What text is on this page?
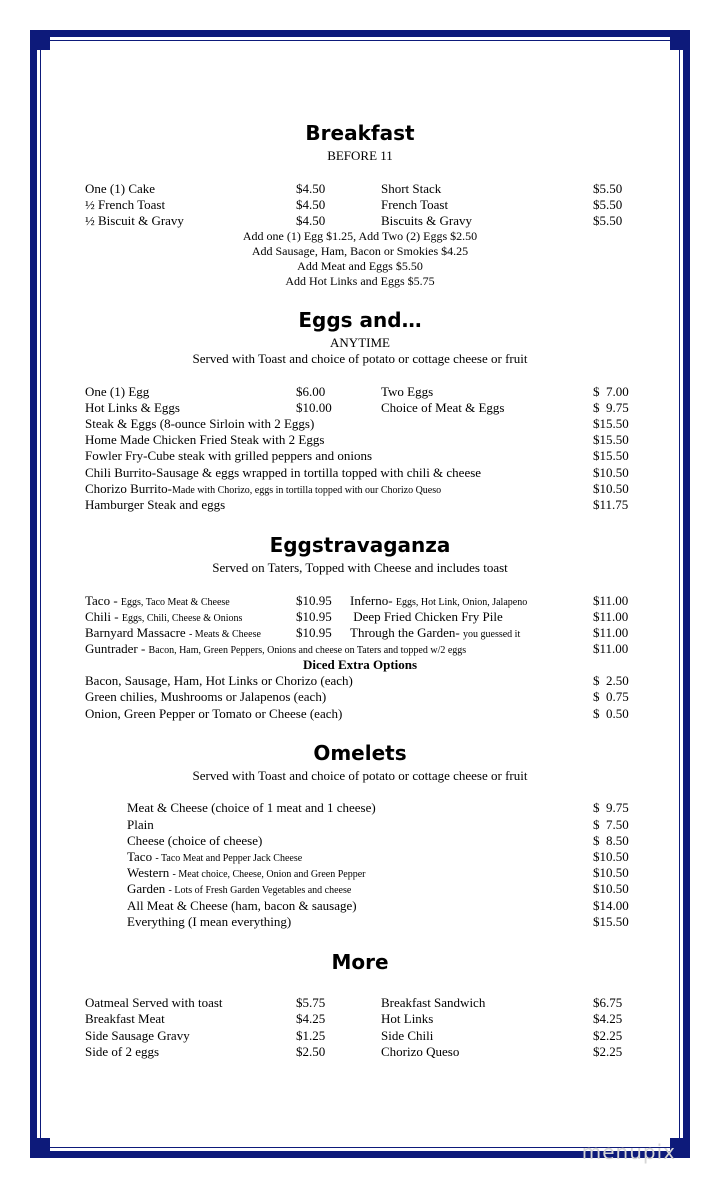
Breakfast
BEFORE 11
One (1) Cake	$4.50	Short Stack	$5.50
½ French Toast	$4.50	French Toast	$5.50
½ Biscuit & Gravy	$4.50	Biscuits & Gravy	$5.50
Add one (1) Egg $1.25, Add Two (2) Eggs $2.50
Add Sausage, Ham, Bacon or Smokies $4.25
Add Meat and Eggs $5.50
Add Hot Links and Eggs $5.75
Eggs and…
ANYTIME
Served with Toast and choice of potato or cottage cheese or fruit
One (1) Egg	$6.00	Two Eggs	$  7.00
Hot Links & Eggs	$10.00	Choice of Meat & Eggs	$  9.75
Steak & Eggs (8-ounce Sirloin with 2 Eggs)	$15.50
Home Made Chicken Fried Steak with 2 Eggs	$15.50
Fowler Fry-Cube steak with grilled peppers and onions	$15.50
Chili Burrito-Sausage & eggs wrapped in tortilla topped with chili & cheese	$10.50
Chorizo Burrito-Made with Chorizo, eggs in tortilla topped with our Chorizo Queso	$10.50
Hamburger Steak and eggs	$11.75
Eggstravaganza
Served on Taters, Topped with Cheese and includes toast
Taco - Eggs, Taco Meat & Cheese	$10.95 Inferno- Eggs, Hot Link, Onion, Jalapeno	$11.00
Chili - Eggs, Chili, Cheese & Onions	$10.95 Deep Fried Chicken Fry Pile	$11.00
Barnyard Massacre - Meats & Cheese	$10.95 Through the Garden- you guessed it	$11.00
Guntrader - Bacon, Ham, Green Peppers, Onions and cheese on Taters and topped w/2 eggs	$11.00
Diced Extra Options
Bacon, Sausage, Ham, Hot Links or Chorizo (each)	$  2.50
Green chilies, Mushrooms or Jalapenos (each)	$  0.75
Onion, Green Pepper or Tomato or Cheese (each)	$  0.50
Omelets
Served with Toast and choice of potato or cottage cheese or fruit
Meat & Cheese (choice of 1 meat and 1 cheese)	$  9.75
Plain	$  7.50
Cheese (choice of cheese)	$  8.50
Taco - Taco Meat and Pepper Jack Cheese	$10.50
Western - Meat choice, Cheese, Onion and Green Pepper	$10.50
Garden - Lots of Fresh Garden Vegetables and cheese	$10.50
All Meat & Cheese (ham, bacon & sausage)	$14.00
Everything (I mean everything)	$15.50
More
Oatmeal Served with toast	$5.75	Breakfast Sandwich	$6.75
Breakfast Meat	$4.25	Hot Links	$4.25
Side Sausage Gravy	$1.25	Side Chili	$2.25
Side of 2 eggs	$2.50	Chorizo Queso	$2.25
menupix
